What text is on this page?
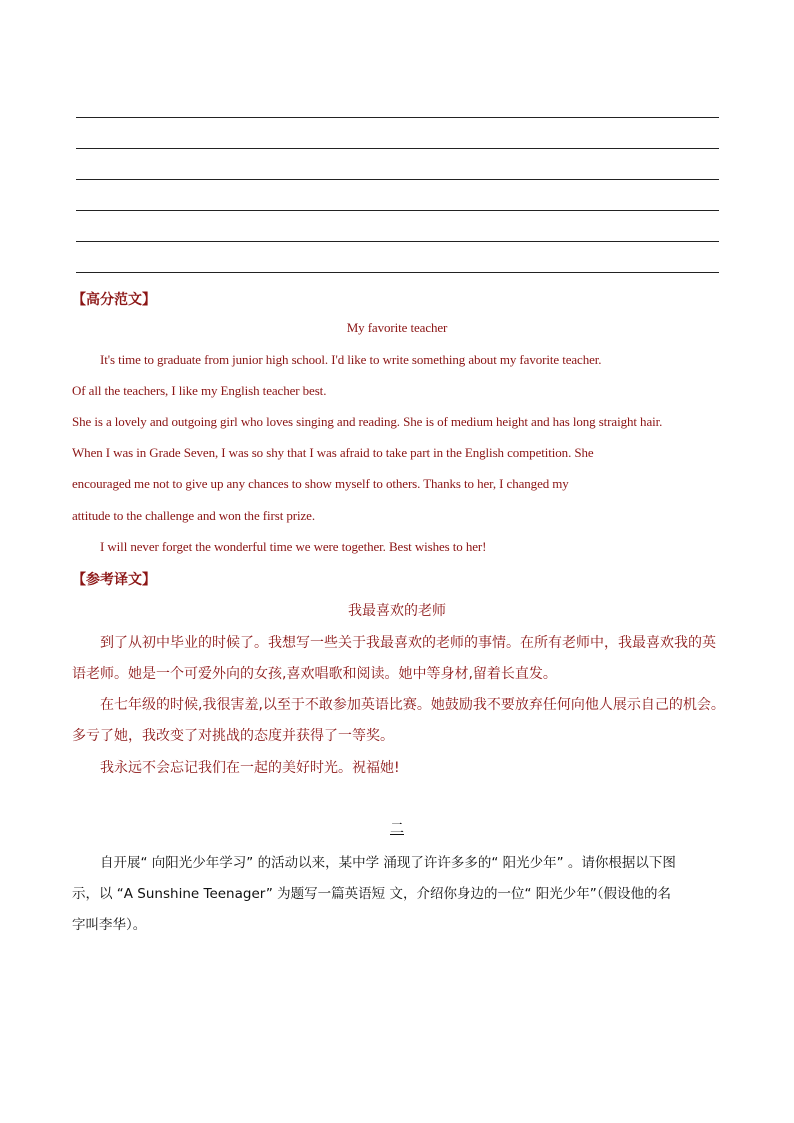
【高分范文】
My favorite teacher
It's time to graduate from junior high school. I'd like to write something about my favorite teacher.
Of all the teachers, I like my English teacher best.
She is a lovely and outgoing girl who loves singing and reading. She is of medium height and has long straight hair.
When I was in Grade Seven, I was so shy that I was afraid to take part in the English competition. She
encouraged me not to give up any chances to show myself to others. Thanks to her, I changed my
attitude to the challenge and won the first prize.
I will never forget the wonderful time we were together. Best wishes to her!
【参考译文】
我最喜欢的老师
到了从初中毕业的时候了。我想写一些关于我最喜欢的老师的事情。在所有老师中，我最喜欢我的英
语老师。她是一个可爱外向的女孩,喜欢唱歌和阅读。她中等身材,留着长直发。
在七年级的时候,我很害羞,以至于不敢参加英语比赛。她鼓励我不要放弃任何向他人展示自己的机会。
多亏了她，我改变了对挑战的态度并获得了一等奖。
我永远不会忘记我们在一起的美好时光。祝福她!
二
自开展“ 向阳光少年学习” 的活动以来，某中学 涌现了许许多多的“ 阳光少年” 。请你根据以下图
示，以 “A Sunshine Teenager” 为题写一篇英语短 文，介绍你身边的一位“ 阳光少年”（假设他的名
字叫李华）。
